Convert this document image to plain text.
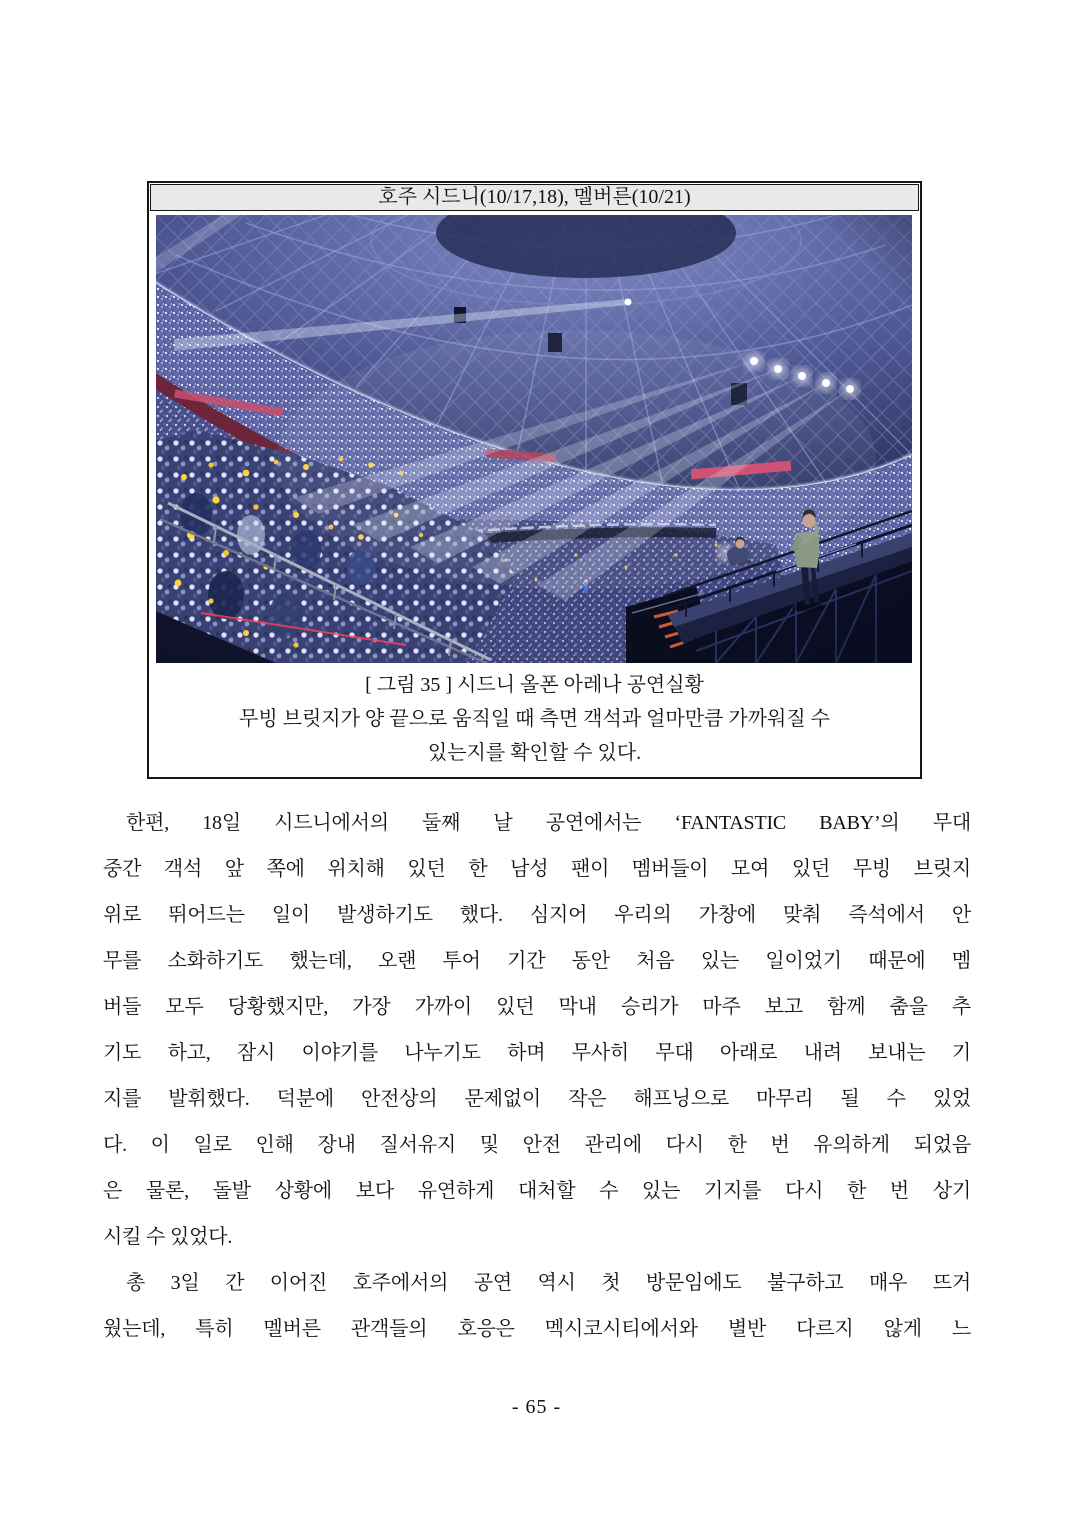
호주 시드니(10/17,18), 멜버른(10/21)
[ 그림 35 ] 시드니 올폰 아레나 공연실황
무빙 브릿지가 양 끝으로 움직일 때 측면 객석과 얼마만큼 가까워질 수
있는지를 확인할 수 있다.
한편, 18일 시드니에서의 둘째 날 공연에서는 ‘FANTASTIC BABY’의 무대
중간 객석 앞 쪽에 위치해 있던 한 남성 팬이 멤버들이 모여 있던 무빙 브릿지
위로 뛰어드는 일이 발생하기도 했다. 심지어 우리의 가창에 맞춰 즉석에서 안
무를 소화하기도 했는데, 오랜 투어 기간 동안 처음 있는 일이었기 때문에 멤
버들 모두 당황했지만, 가장 가까이 있던 막내 승리가 마주 보고 함께 춤을 추
기도 하고, 잠시 이야기를 나누기도 하며 무사히 무대 아래로 내려 보내는 기
지를 발휘했다. 덕분에 안전상의 문제없이 작은 해프닝으로 마무리 될 수 있었
다. 이 일로 인해 장내 질서유지 및 안전 관리에 다시 한 번 유의하게 되었음
은 물론, 돌발 상황에 보다 유연하게 대처할 수 있는 기지를 다시 한 번 상기
시킬 수 있었다.
총 3일 간 이어진 호주에서의 공연 역시 첫 방문임에도 불구하고 매우 뜨거
웠는데, 특히 멜버른 관객들의 호응은 멕시코시티에서와 별반 다르지 않게 느
- 65 -
